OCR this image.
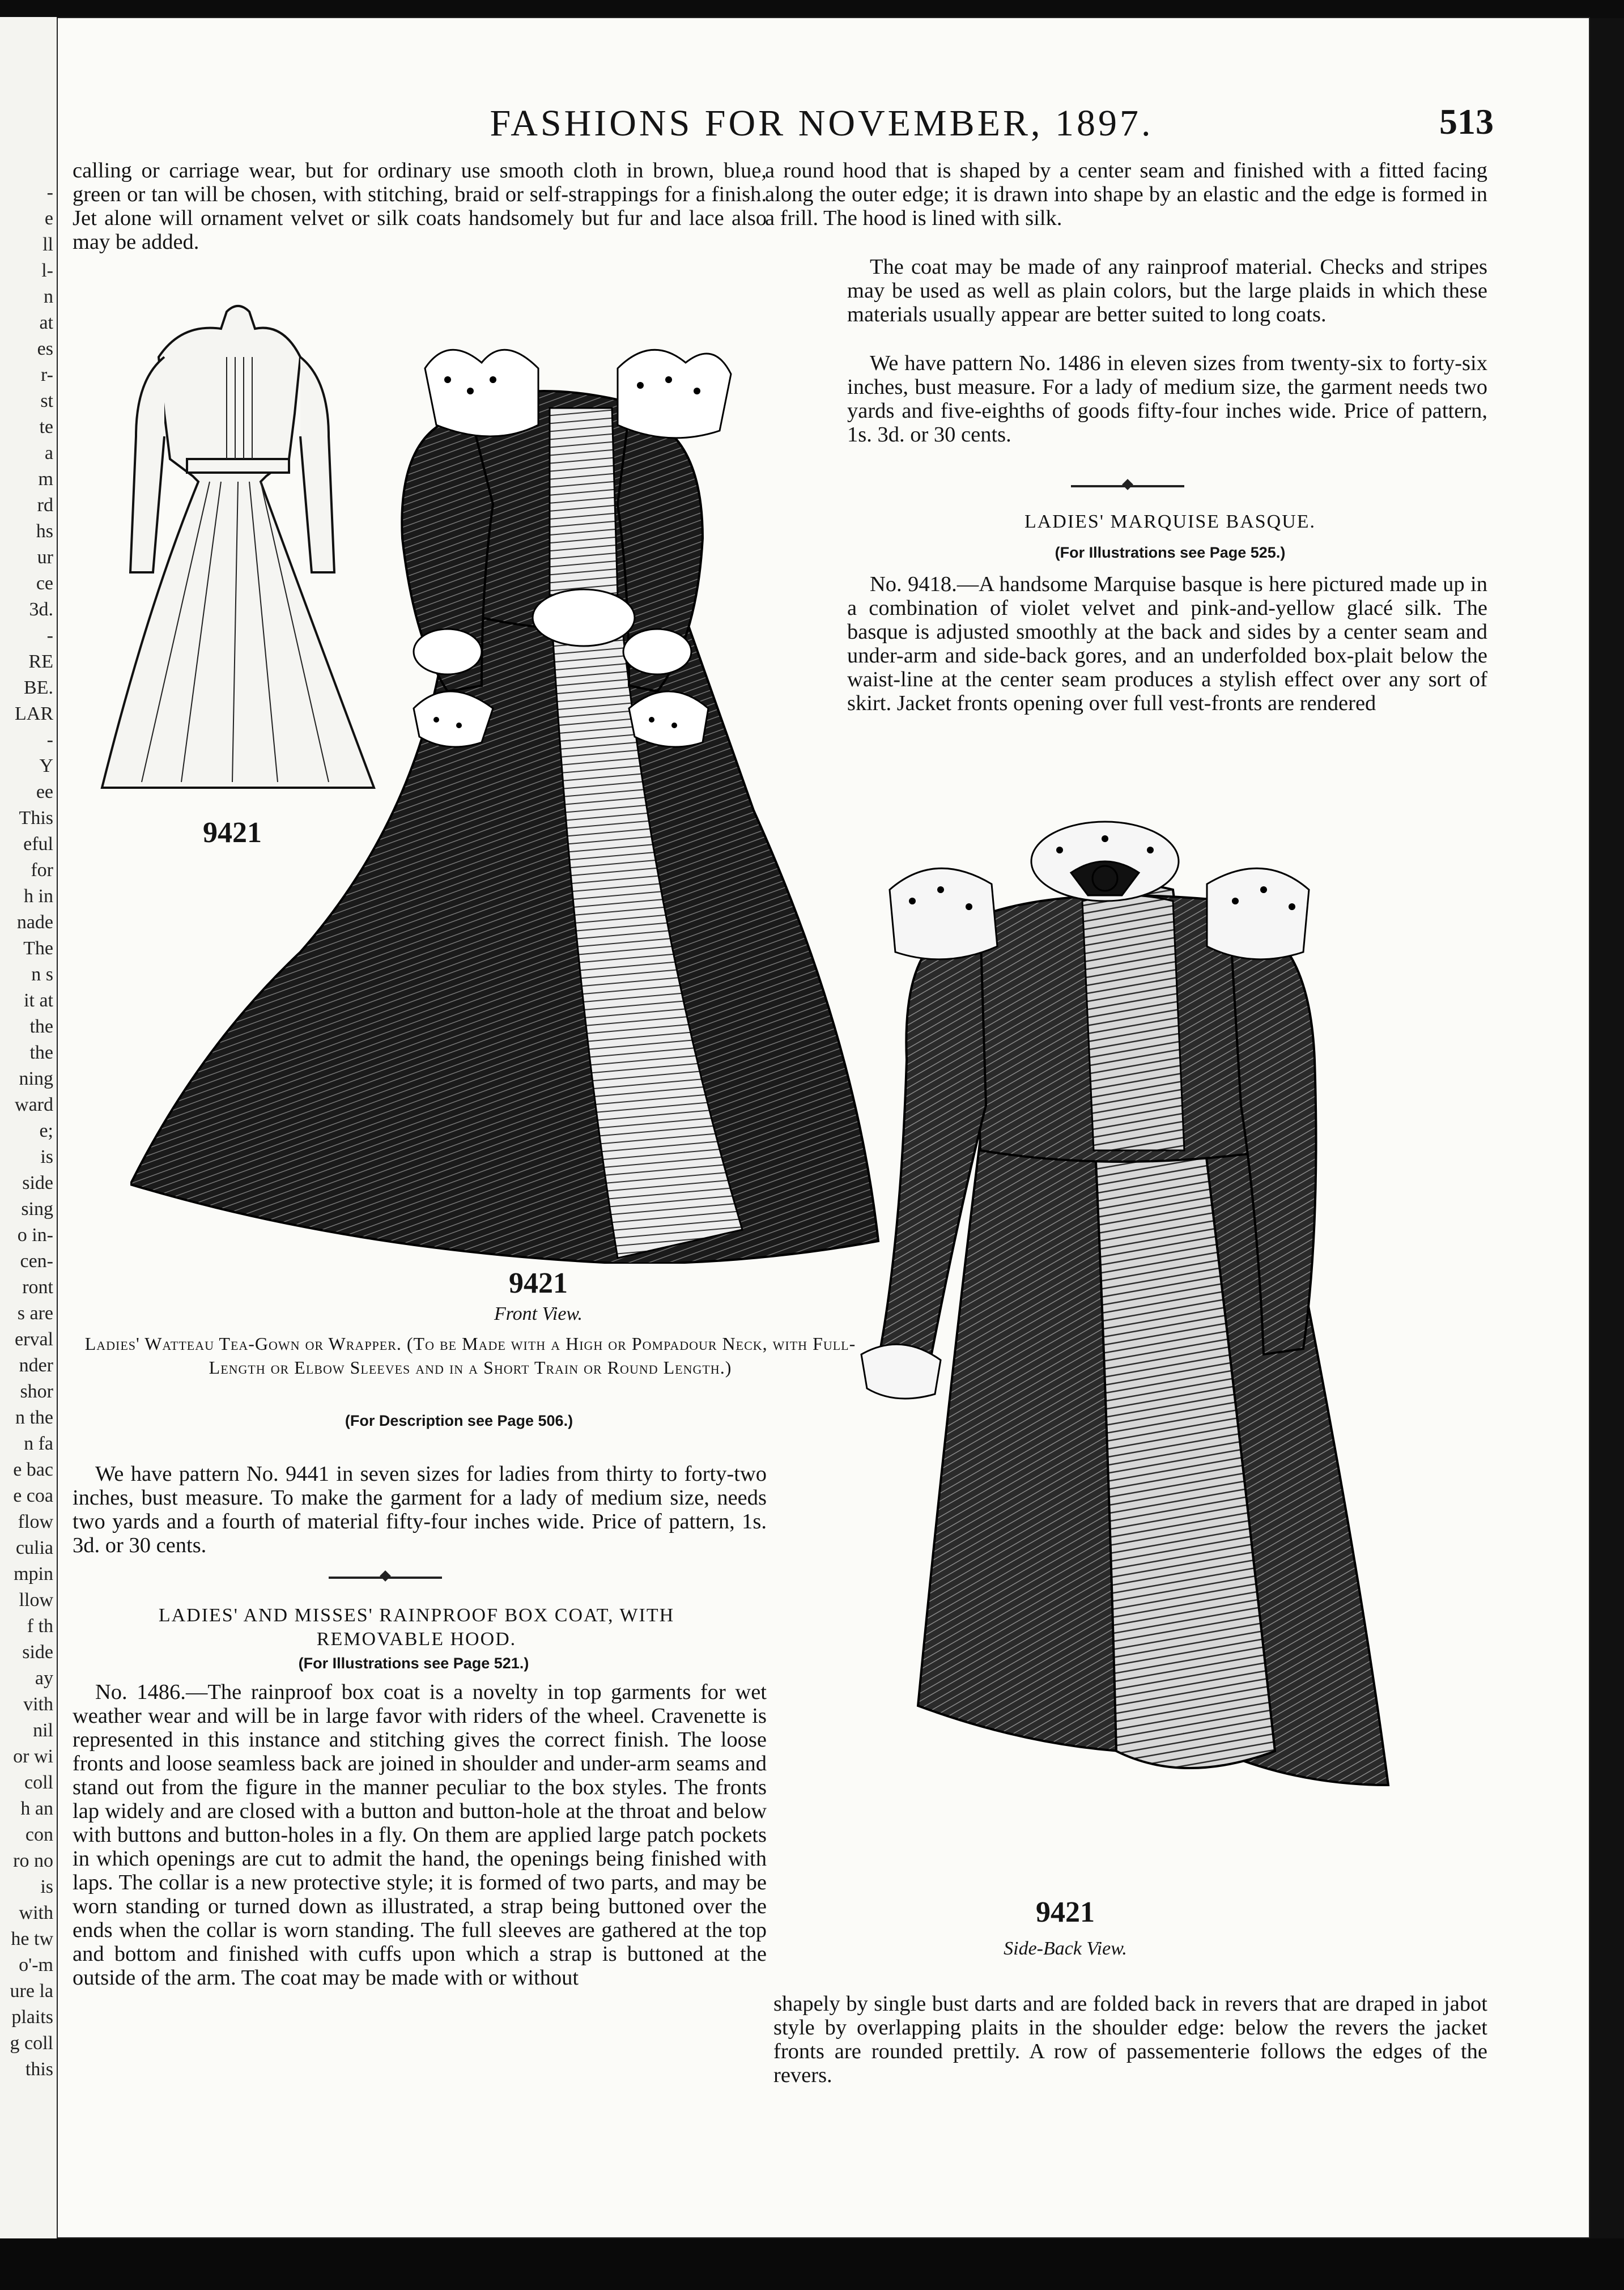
-
e
ll
l-
n
at
es
r-
st
te
a
m
rd
hs
ur
ce
3d.
-
RE
BE.
LAR
-
Y
ee
This
eful
for
h in
nade
The
n s
it at
the
the
ning
ward
e;
is
side
sing
o in-
cen-
ront
s are
erval
nder
shor
n the
n fa
e bac
e coa
flow
culia
mpin
llow
f th
side
ay
vith
nil
or wi
coll
h an
con
ro no
is
with
he tw
o'-m
ure la
plaits
g coll
this
FASHIONS FOR NOVEMBER, 1897.	513

calling or carriage wear, but for ordinary use smooth cloth in brown, blue, green or tan will be chosen, with stitching, braid or self-strappings for a finish. Jet alone will ornament velvet or silk coats handsomely but fur and lace also may be added.

9421
9421
Front View.
Ladies' Watteau Tea-Gown or Wrapper. (To be Made with a High or Pompadour Neck, with Full-Length or Elbow Sleeves and in a Short Train or Round Length.)
(For Description see Page 506.)

We have pattern No. 9441 in seven sizes for ladies from thirty to forty-two inches, bust measure. To make the garment for a lady of medium size, needs two yards and a fourth of material fifty-four inches wide. Price of pattern, 1s. 3d. or 30 cents.

LADIES' AND MISSES' RAINPROOF BOX COAT, WITH REMOVABLE HOOD.
(For Illustrations see Page 521.)

No. 1486.—The rainproof box coat is a novelty in top garments for wet weather wear and will be in large favor with riders of the wheel. Cravenette is represented in this instance and stitching gives the correct finish. The loose fronts and loose seamless back are joined in shoulder and under-arm seams and stand out from the figure in the manner peculiar to the box styles. The fronts lap widely and are closed with a button and button-hole at the throat and below with buttons and button-holes in a fly. On them are applied large patch pockets in which openings are cut to admit the hand, the openings being finished with laps. The collar is a new protective style; it is formed of two parts, and may be worn standing or turned down as illustrated, a strap being buttoned over the ends when the collar is worn standing. The full sleeves are gathered at the top and bottom and finished with cuffs upon which a strap is buttoned at the outside of the arm. The coat may be made with or without

a round hood that is shaped by a center seam and finished with a fitted facing along the outer edge; it is drawn into shape by an elastic and the edge is formed in a frill. The hood is lined with silk.

The coat may be made of any rainproof material. Checks and stripes may be used as well as plain colors, but the large plaids in which these materials usually appear are better suited to long coats.

We have pattern No. 1486 in eleven sizes from twenty-six to forty-six inches, bust measure. For a lady of medium size, the garment needs two yards and five-eighths of goods fifty-four inches wide. Price of pattern, 1s. 3d. or 30 cents.

LADIES' MARQUISE BASQUE.
(For Illustrations see Page 525.)

No. 9418.—A handsome Marquise basque is here pictured made up in a combination of violet velvet and pink-and-yellow glacé silk. The basque is adjusted smoothly at the back and sides by a center seam and under-arm and side-back gores, and an underfolded box-plait below the waist-line at the center seam produces a stylish effect over any sort of skirt. Jacket fronts opening over full vest-fronts are rendered

9421
Side-Back View.

shapely by single bust darts and are folded back in revers that are draped in jabot style by overlapping plaits in the shoulder edge: below the revers the jacket fronts are rounded prettily. A row of passementerie follows the edges of the revers.
